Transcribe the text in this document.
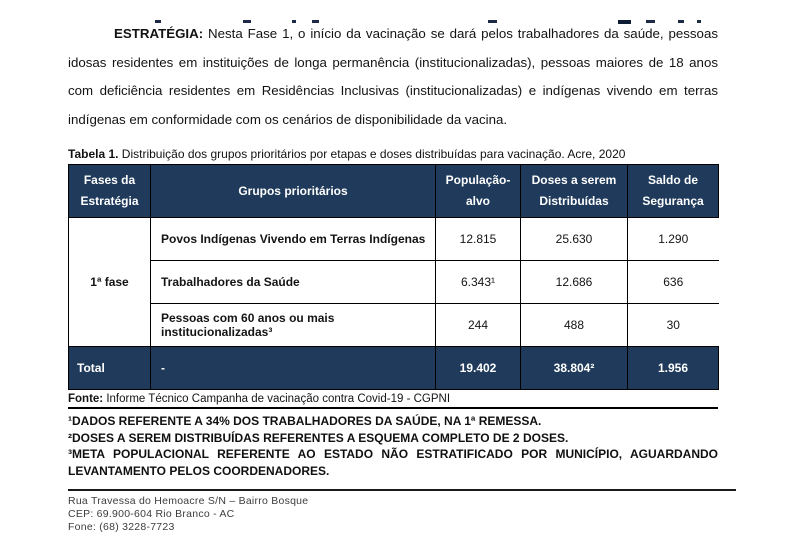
ESTRATÉGIA: Nesta Fase 1, o início da vacinação se dará pelos trabalhadores da saúde, pessoas idosas residentes em instituições de longa permanência (institucionalizadas), pessoas maiores de 18 anos com deficiência residentes em Residências Inclusivas (institucionalizadas) e indígenas vivendo em terras indígenas em conformidade com os cenários de disponibilidade da vacina.

Tabela 1. Distribuição dos grupos prioritários por etapas e doses distribuídas para vacinação. Acre, 2020

Fases da Estratégia	Grupos prioritários	População-alvo	Doses a serem Distribuídas	Saldo de Segurança
1ª fase	Povos Indígenas Vivendo em Terras Indígenas	12.815	25.630	1.290
	Trabalhadores da Saúde	6.343¹	12.686	636
	Pessoas com 60 anos ou mais institucionalizadas³	244	488	30
Total	-	19.402	38.804²	1.956

Fonte: Informe Técnico Campanha de vacinação contra Covid-19 - CGPNI

¹DADOS REFERENTE A 34% DOS TRABALHADORES DA SAÚDE, NA 1ª REMESSA.

²DOSES A SEREM DISTRIBUÍDAS REFERENTES A ESQUEMA COMPLETO DE 2 DOSES.

³META POPULACIONAL REFERENTE AO ESTADO NÃO ESTRATIFICADO POR MUNICÍPIO, AGUARDANDO LEVANTAMENTO PELOS COORDENADORES.

Rua Travessa do Hemoacre S/N – Bairro Bosque

CEP: 69.900-604 Rio Branco - AC

Fone: (68) 3228-7723
